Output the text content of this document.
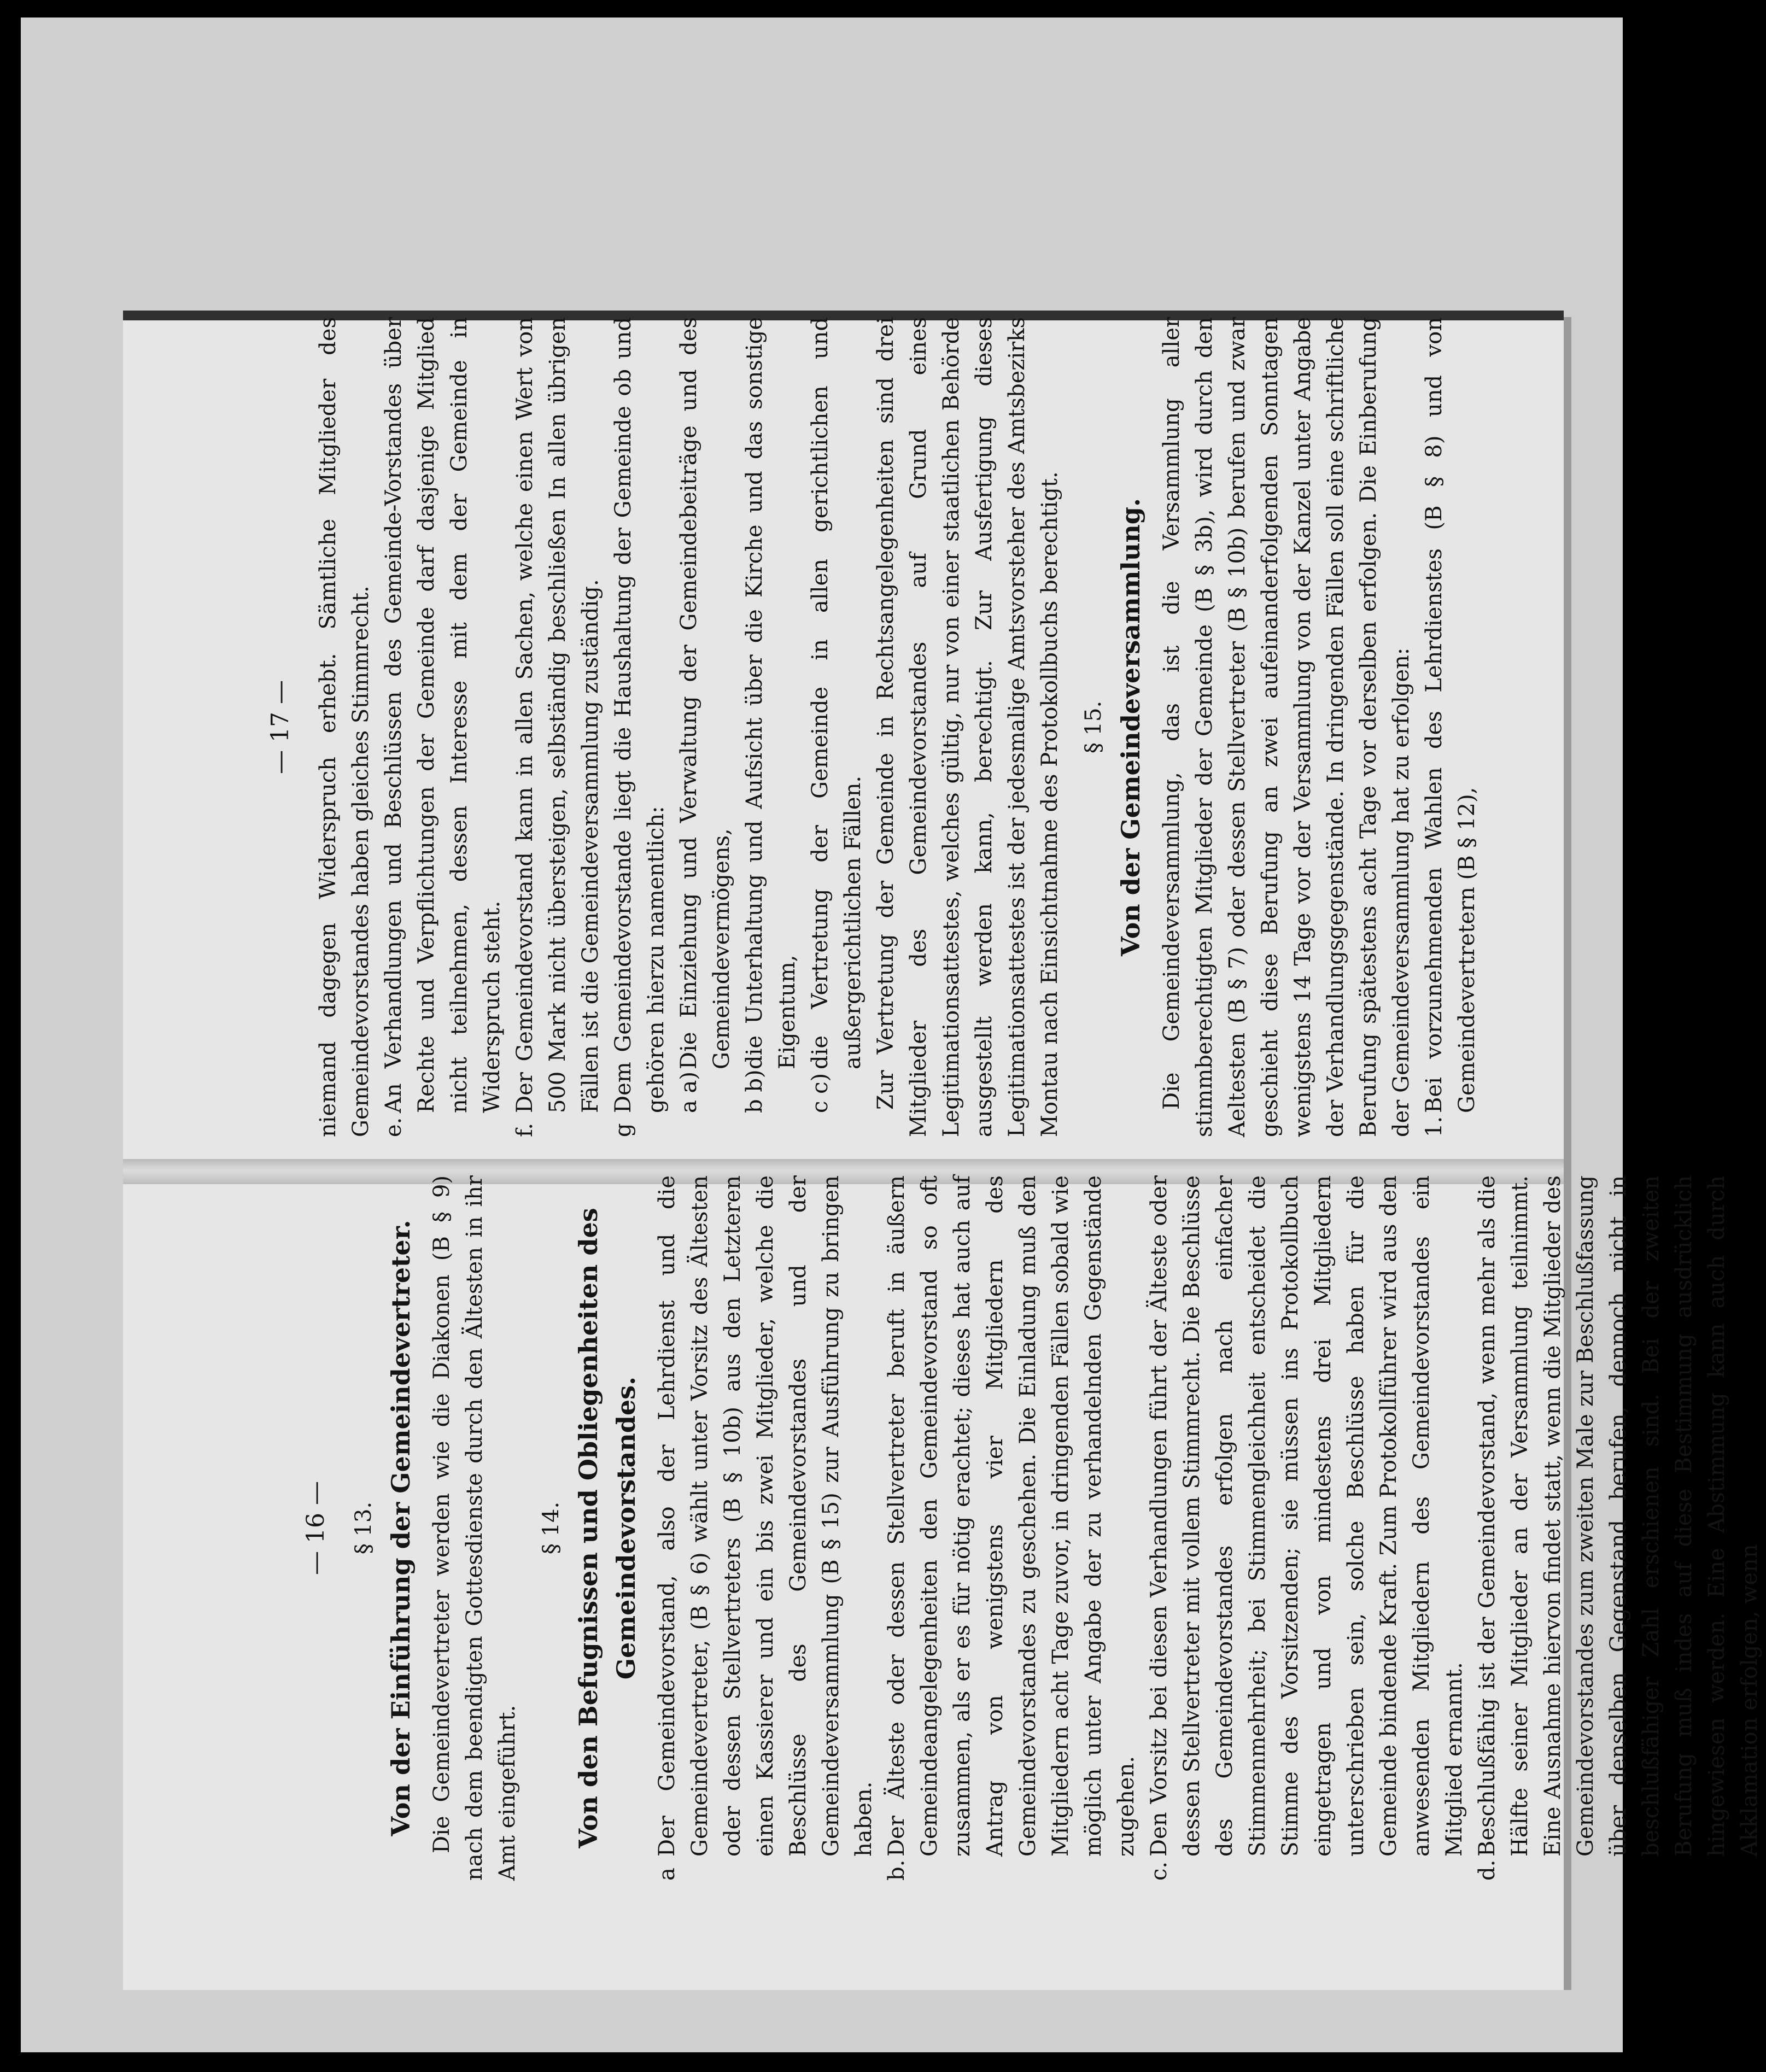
— 17 — niemand dagegen Widerspruch erhebt. Sämtliche Mitglieder des Gemeindevorstandes haben gleiches Stimmrecht. e.
An Verhandlungen und Beschlüssen des Gemeinde-Vorstandes über Rechte und Verpflichtungen der Gemeinde darf dasjenige Mitglied nicht teilnehmen, dessen Interesse mit dem der Gemeinde in Widerspruch steht.
f.
Der Gemeindevorstand kann in allen Sachen, welche einen Wert von 500 Mark nicht übersteigen, selbständig beschließen In allen übrigen Fällen ist die Gemeindeversammlung zuständig.
g
Dem Gemeindevorstande liegt die Haushaltung der Gemeinde ob und gehören hierzu namentlich: a a)
Die Einziehung und Verwaltung der Gemeindebeiträge und des Gemeindevermögens,
b b)
die Unterhaltung und Aufsicht über die Kirche und das sonstige Eigentum,
c c)
die Vertretung der Gemeinde in allen gerichtlichen und außergerichtlichen Fällen. Zur Vertretung der Gemeinde in Rechtsangelegenheiten sind drei Mitglieder des Gemeindevorstandes auf Grund eines Legitimationsattestes, welches gültig, nur von einer staatlichen Behörde ausgestellt werden kann, berechtigt. Zur Ausfertigung dieses Legitimationsattestes ist der jedesmalige Amtsvorsteher des Amtsbezirks Montau nach Einsichtnahme des Protokollbuchs berechtigt. § 15. Von der Gemeindeversammlung. Die Gemeindeversammlung, das ist die Versammlung aller stimmberechtigten Mitglieder der Gemeinde (B § 3b), wird durch den Aeltesten (B § 7) oder dessen Stellvertreter (B § 10b) berufen und zwar geschieht diese Berufung an zwei aufeinanderfolgenden Sonntagen wenigstens 14 Tage vor der Versammlung von der Kanzel unter Angabe der Verhandlungsgegenstände. In dringenden Fällen soll eine schriftliche Berufung spätestens acht Tage vor derselben erfolgen. Die Einberufung der Gemeindeversammlung hat zu erfolgen: 1.
Bei vorzunehmenden Wahlen des Lehrdienstes (B § 8) und von Gemeindevertretern (B § 12),
— 16 — § 13. Von der Einführung der Gemeindevertreter. Die Gemeindevertreter werden wie die Diakonen (B § 9) nach dem beendigten Gottesdienste durch den Ältesten in ihr Amt eingeführt.

§ 14. Von den Befugnissen und Obliegenheiten des Gemeindevorstandes.
a
Der Gemeindevorstand, also der Lehrdienst und die Gemeindevertreter, (B § 6) wählt unter Vorsitz des Ältesten oder dessen Stellvertreters (B § 10b) aus den Letzteren einen Kassierer und ein bis zwei Mitglieder, welche die Beschlüsse des Gemeindevorstandes und der Gemeindeversammlung (B § 15) zur Ausführung zu bringen haben.
b.
Der Älteste oder dessen Stellvertreter beruft in äußern Gemeindeangelegenheiten den Gemeindevorstand so oft zusammen, als er es für nötig erachtet; dieses hat auch auf Antrag von wenigstens vier Mitgliedern des Gemeindevorstandes zu geschehen. Die Einladung muß den Mitgliedern acht Tage zuvor, in dringenden Fällen sobald wie möglich unter Angabe der zu verhandelnden Gegenstände zugehen.
c.
Den Vorsitz bei diesen Verhandlungen führt der Älteste oder dessen Stellvertreter mit vollem Stimmrecht. Die Beschlüsse des Gemeindevorstandes erfolgen nach einfacher Stimmenmehrheit; bei Stimmengleichheit entscheidet die Stimme des Vorsitzenden; sie müssen ins Protokollbuch eingetragen und von mindestens drei Mitgliedern unterschrieben sein, solche Beschlüsse haben für die Gemeinde bindende Kraft. Zum Protokollführer wird aus den anwesenden Mitgliedern des Gemeindevorstandes ein Mitglied ernannt.
d.
Beschlußfähig ist der Gemeindevorstand, wenn mehr als die Hälfte seiner Mitglieder an der Versammlung teilnimmt. Eine Ausnahme hiervon findet statt, wenn die Mitglieder des Gemeindevorstandes zum zweiten Male zur Beschlußfassung über denselben Gegenstand berufen, dennoch nicht in beschlußfähiger Zahl erschienen sind. Bei der zweiten Berufung muß indes auf diese Bestimmung ausdrücklich hingewiesen werden. Eine Abstimmung kann auch durch Akklamation erfolgen, wenn
